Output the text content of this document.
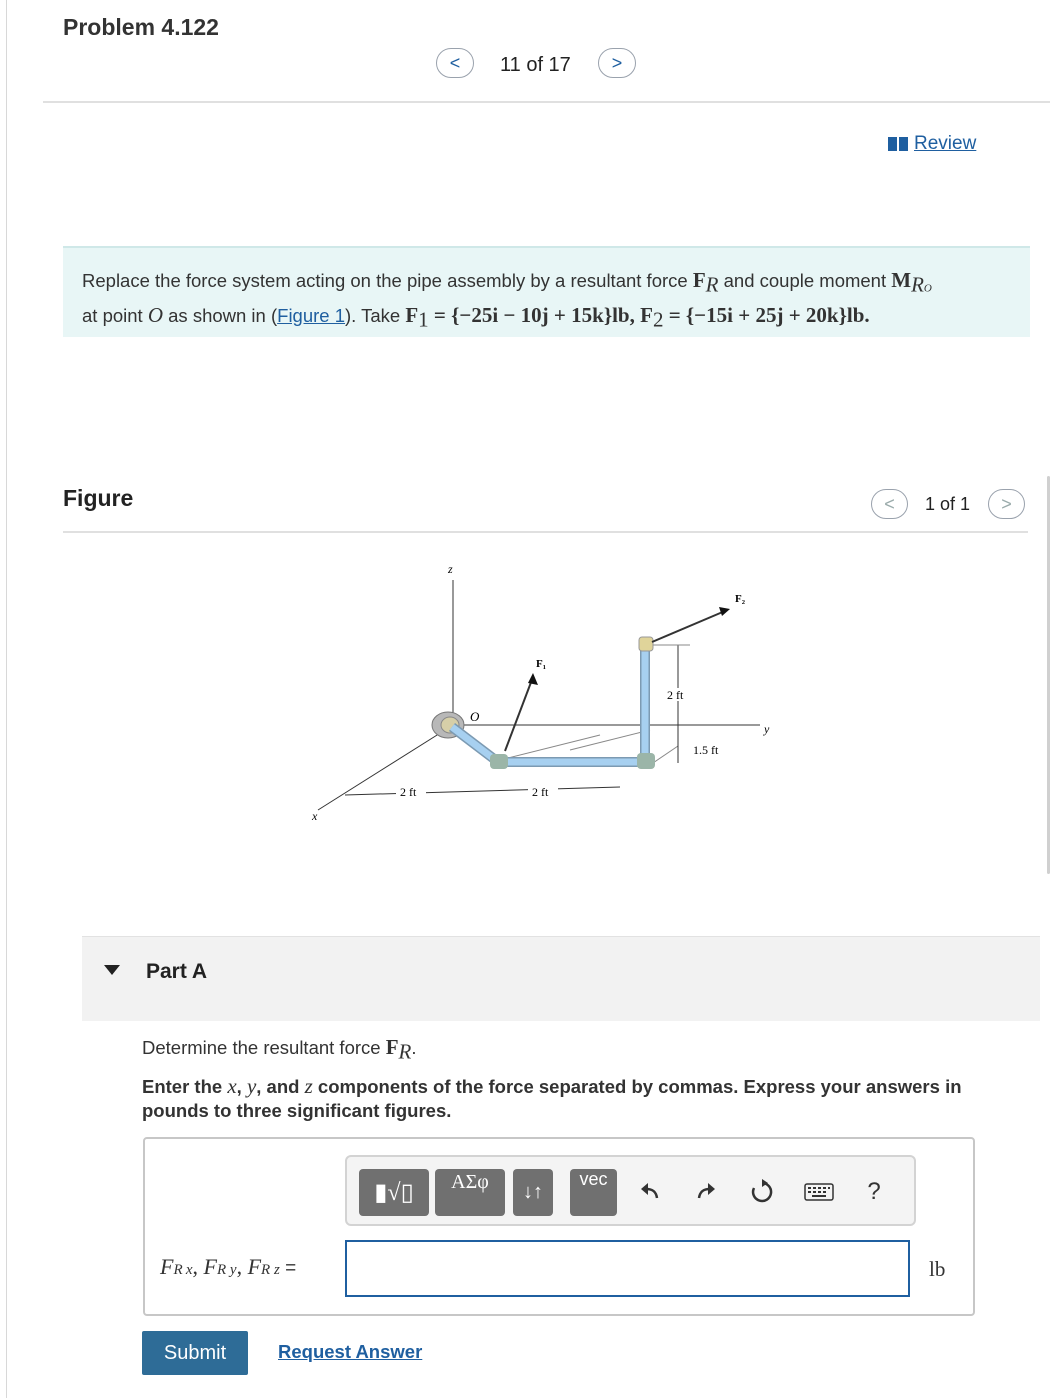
Problem 4.122
< 11 of 17 >
Review
Replace the force system acting on the pipe assembly by a resultant force $F_R$ and couple moment $M_{RO}$
at point O as shown in (Figure 1). Take $F_1 = \{-25i - 10j + 15k\}lb$, $F_2 = \{-15i + 25j + 20k\}lb$.
Figure	< 1 of 1 >
z
x
y
O
F₁
F₂
2 ft	2 ft
2 ft
1.5 ft
Part A
Determine the resultant force $F_R$.
Enter the x, y, and z components of the force separated by commas. Express your answers in pounds to three significant figures.
▮√▯ ΑΣφ ↓↑
vec	?
FR x, FR y, FR z =	lb
Submit	Request Answer
